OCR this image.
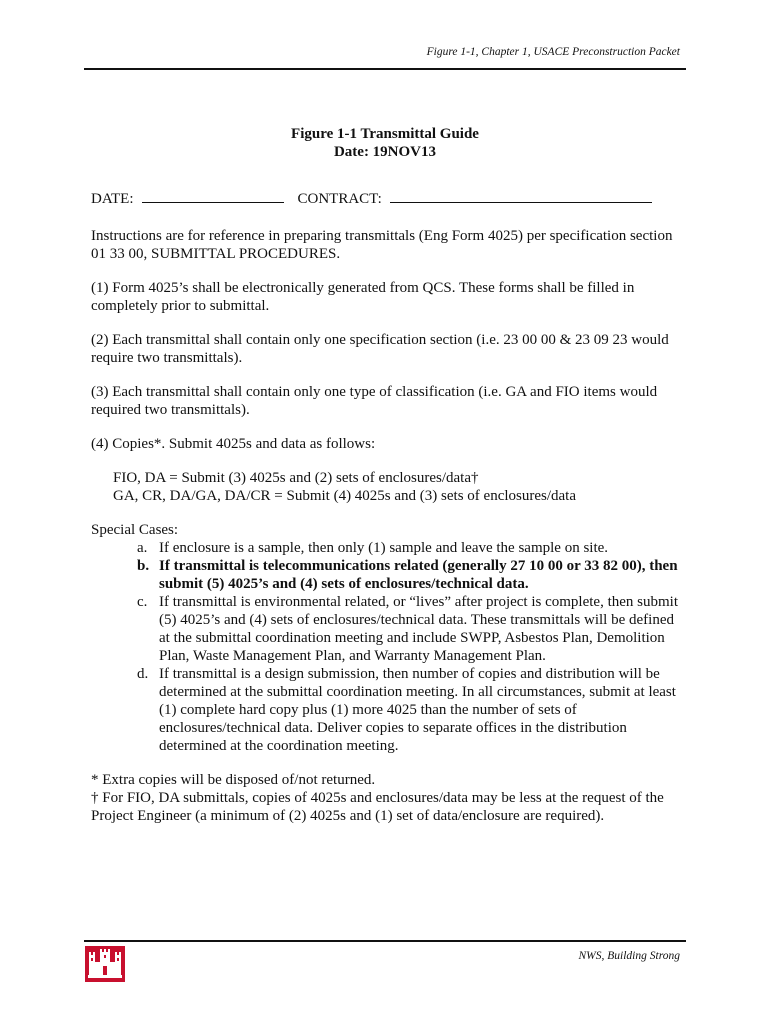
Figure 1-1, Chapter 1, USACE Preconstruction Packet
Figure 1-1 Transmittal Guide
Date: 19NOV13
DATE:	CONTRACT:

Instructions are for reference in preparing transmittals (Eng Form 4025) per specification section 01 33 00, SUBMITTAL PROCEDURES.

(1) Form 4025’s shall be electronically generated from QCS. These forms shall be filled in completely prior to submittal.

(2) Each transmittal shall contain only one specification section (i.e. 23 00 00 & 23 09 23 would require two transmittals).

(3) Each transmittal shall contain only one type of classification (i.e. GA and FIO items would required two transmittals).

(4) Copies*. Submit 4025s and data as follows:

FIO, DA = Submit (3) 4025s and (2) sets of enclosures/data†

GA, CR, DA/GA, DA/CR = Submit (4) 4025s and (3) sets of enclosures/data

Special Cases:

a. If enclosure is a sample, then only (1) sample and leave the sample on site.
b. If transmittal is telecommunications related (generally 27 10 00 or 33 82 00), then submit (5) 4025’s and (4) sets of enclosures/technical data.
c. If transmittal is environmental related, or “lives” after project is complete, then submit (5) 4025’s and (4) sets of enclosures/technical data. These transmittals will be defined at the submittal coordination meeting and include SWPP, Asbestos Plan, Demolition Plan, Waste Management Plan, and Warranty Management Plan.
d. If transmittal is a design submission, then number of copies and distribution will be determined at the submittal coordination meeting. In all circumstances, submit at least (1) complete hard copy plus (1) more 4025 than the number of sets of enclosures/technical data. Deliver copies to separate offices in the distribution determined at the coordination meeting.

* Extra copies will be disposed of/not returned.

† For FIO, DA submittals, copies of 4025s and enclosures/data may be less at the request of the Project Engineer (a minimum of (2) 4025s and (1) set of data/enclosure are required).

NWS, Building Strong
